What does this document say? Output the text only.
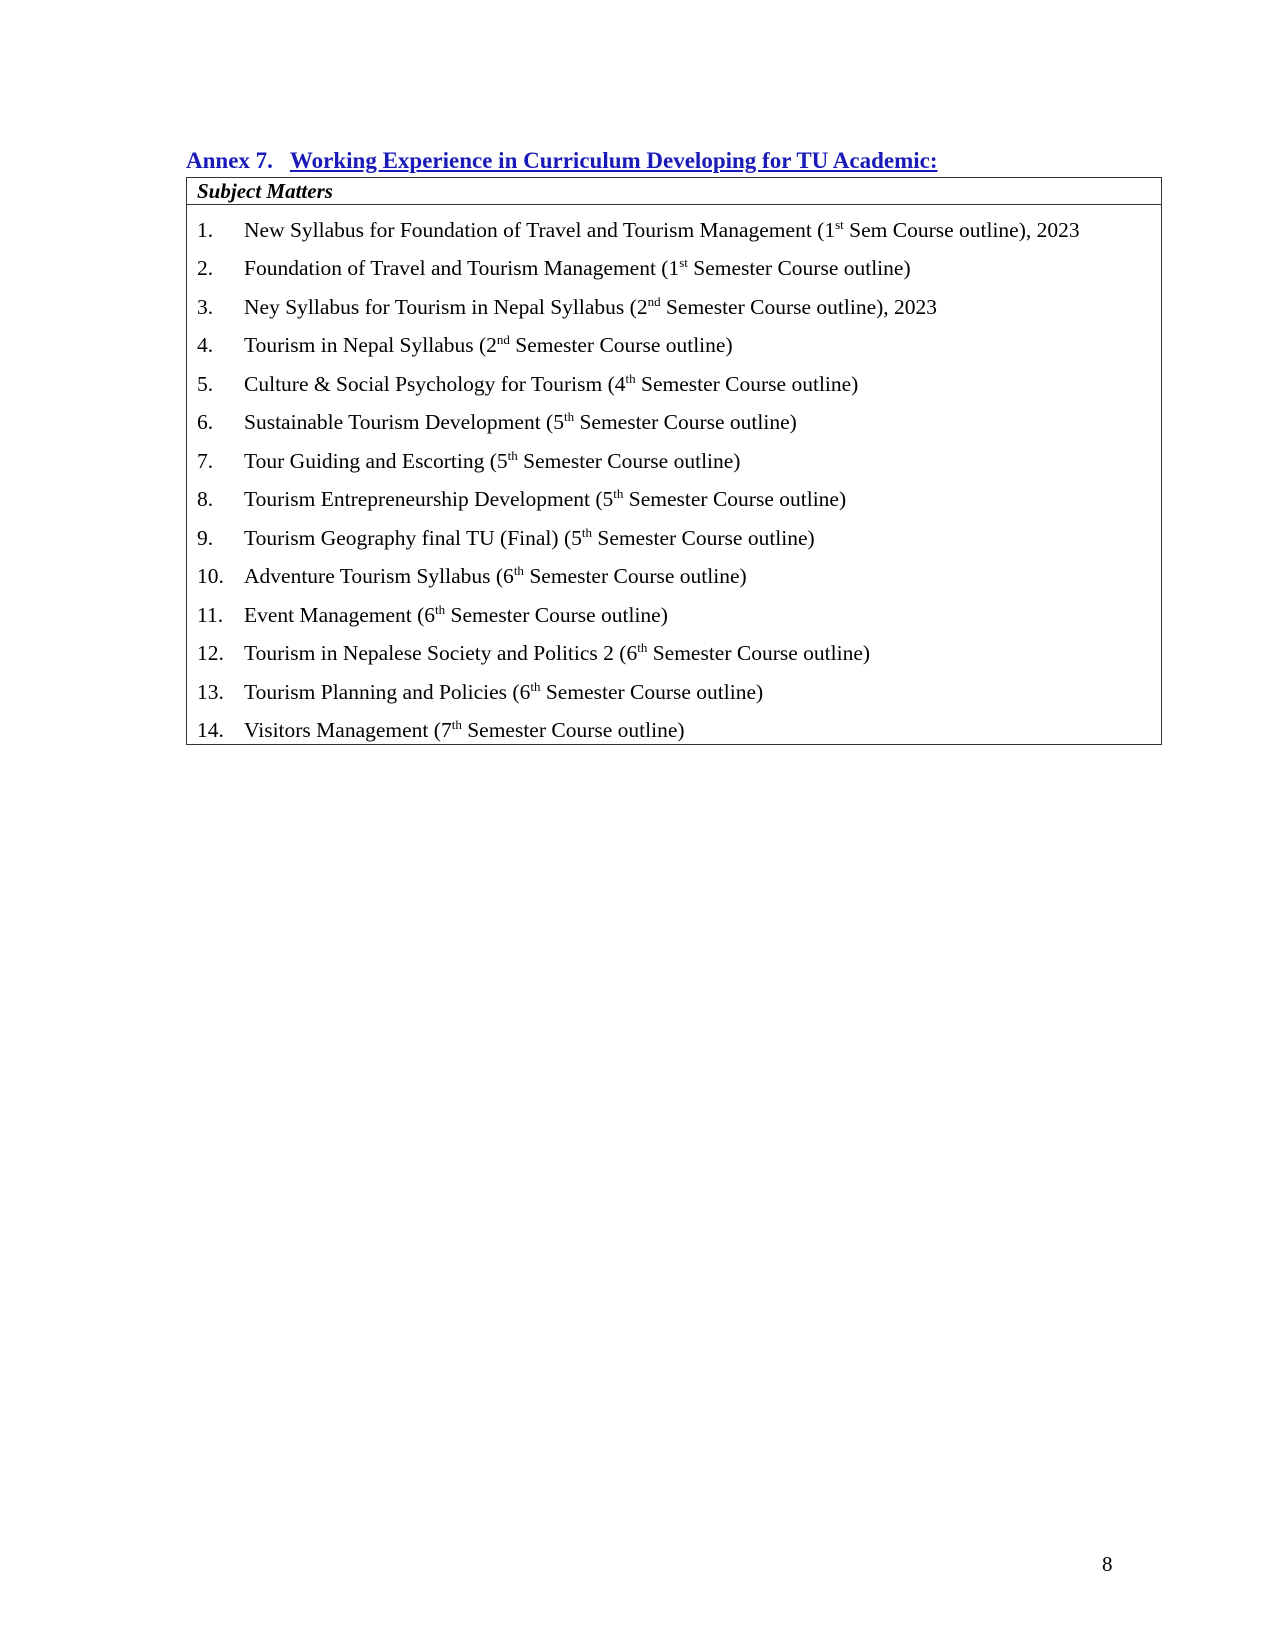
Annex 7. Working Experience in Curriculum Developing for TU Academic:
Subject Matters
1.	New Syllabus for Foundation of Travel and Tourism Management (1st Sem Course outline), 2023
2.	Foundation of Travel and Tourism Management (1st Semester Course outline)
3.	Ney Syllabus for Tourism in Nepal Syllabus (2nd Semester Course outline), 2023
4.	Tourism in Nepal Syllabus (2nd Semester Course outline)
5.	Culture & Social Psychology for Tourism (4th Semester Course outline)
6.	Sustainable Tourism Development (5th Semester Course outline)
7.	Tour Guiding and Escorting (5th Semester Course outline)
8.	Tourism Entrepreneurship Development (5th Semester Course outline)
9.	Tourism Geography final TU (Final) (5th Semester Course outline)
10. Adventure Tourism Syllabus (6th Semester Course outline)
11. Event Management (6th Semester Course outline)
12. Tourism in Nepalese Society and Politics 2 (6th Semester Course outline)
13. Tourism Planning and Policies (6th Semester Course outline)
14. Visitors Management (7th Semester Course outline)
8
